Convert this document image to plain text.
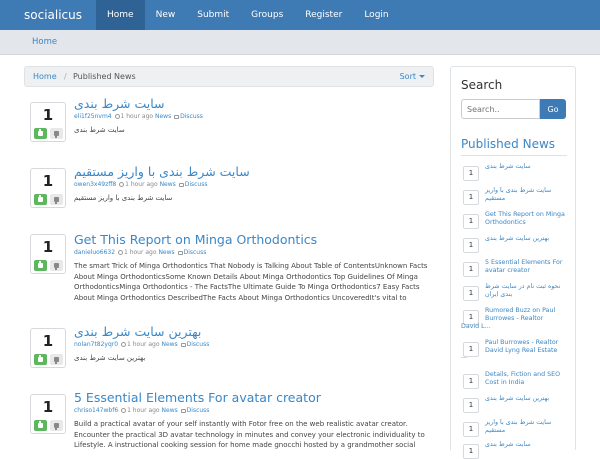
socialicus	Home	New	Submit	Groups	Register	Login
Home
Home / Published News	Sort
1
سایت شرط بندی
eli1f25nvm4 1 hour ago News Discuss
سایت شرط بندی
1
سایت شرط بندی با واریز مستقیم
owen3x49zff8 1 hour ago News Discuss
سایت شرط بندی با واریز مستقیم
1	Get This Report on Minga Orthodontics
danieluo6632 1 hour ago News Discuss
The smart Trick of Minga Orthodontics That Nobody is Talking About Table of ContentsUnknown Facts About Minga OrthodonticsSome Known Details About Minga Orthodontics Top Guidelines Of Minga OrthodonticsMinga Orthodontics - The FactsThe Ultimate Guide To Minga Orthodontics7 Easy Facts About Minga Orthodontics DescribedThe Facts About Minga Orthodontics UncoveredIt's vital to
1
بهترین سایت شرط بندی
nolan7t82yqr0 1 hour ago News Discuss
بهترین سایت شرط بندی
1
5 Essential Elements For avatar creator
chriso147wbf6 1 hour ago News Discuss
Build a practical avatar of your self instantly with Fotor free on the web realistic avatar creator. Encounter the practical 3D avatar technology in minutes and convey your electronic individuality to Lifestyle. A instructional cooking session for home made gnocchi hosted by a grandmother social
Search
Search..
Go
Published News
1
سایت شرط بندی
1
سایت شرط بندی با واریز مستقیم
1
Get This Report on Minga Orthodontics
1
بهترین سایت شرط بندی
1
5 Essential Elements For avatar creator
1
نحوه ثبت نام در سایت شرط بندی ایران
1
Rumored Buzz on Paul Burrowes - Realtor
David L...
1
Paul Burrowes - Realtor David Lyng Real Estate
...
1
Details, Fiction and SEO Cost in India
1
بهترین سایت شرط بندی
1
سایت شرط بندی با واریز مستقیم
1
سایت شرط بندی
